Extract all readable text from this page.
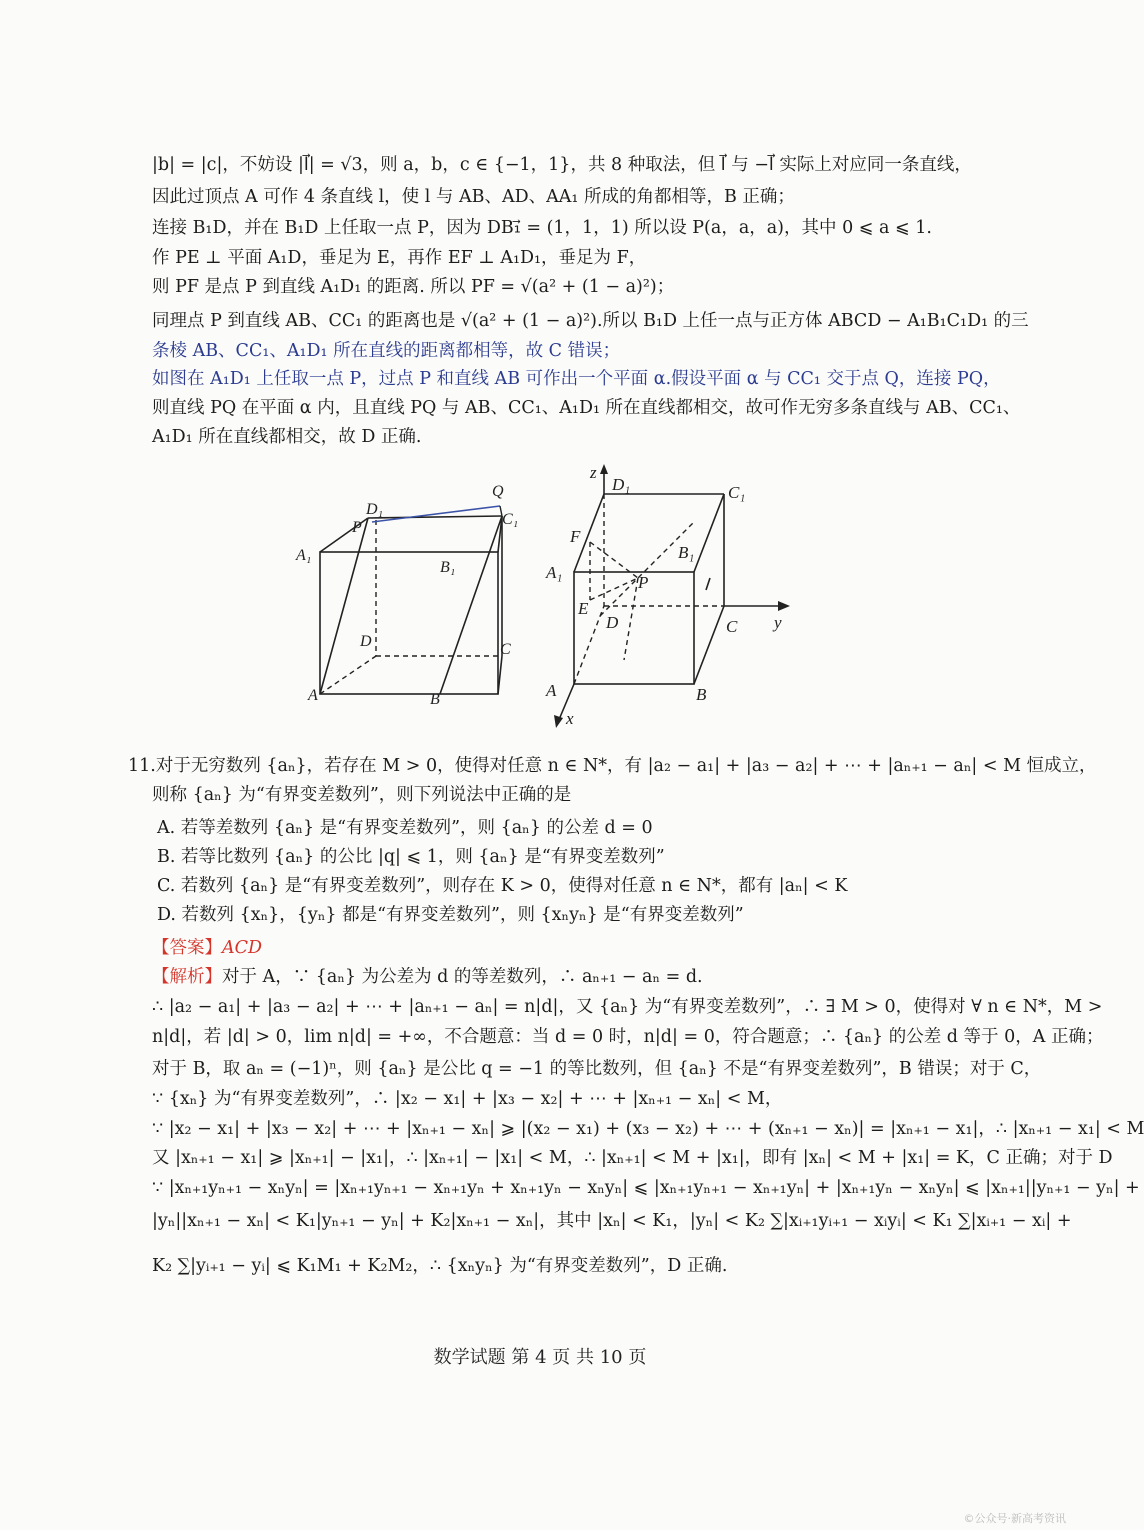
|b| = |c|，不妨设 |l⃗| = √3，则 a，b，c ∈ {−1，1}，共 8 种取法，但 l⃗ 与 −l⃗ 实际上对应同一条直线，
因此过顶点 A 可作 4 条直线 l，使 l 与 AB、AD、AA₁ 所成的角都相等，B 正确；
连接 B₁D，并在 B₁D 上任取一点 P，因为 DB₁⃗ = (1，1，1) 所以设 P(a，a，a)，其中 0 ⩽ a ⩽ 1.
作 PE ⊥ 平面 A₁D，垂足为 E，再作 EF ⊥ A₁D₁，垂足为 F，
则 PF 是点 P 到直线 A₁D₁ 的距离. 所以 PF = √(a² + (1 − a)²)；
同理点 P 到直线 AB、CC₁ 的距离也是 √(a² + (1 − a)²).所以 B₁D 上任一点与正方体 ABCD − A₁B₁C₁D₁ 的三
条棱 AB、CC₁、A₁D₁ 所在直线的距离都相等，故 C 错误；
如图在 A₁D₁ 上任取一点 P，过点 P 和直线 AB 可作出一个平面 α.假设平面 α 与 CC₁ 交于点 Q，连接 PQ，
则直线 PQ 在平面 α 内，且直线 PQ 与 AB、CC₁、A₁D₁ 所在直线都相交，故可作无穷多条直线与 AB、CC₁、
A₁D₁ 所在直线都相交，故 D 正确.
Q
D₁
C₁
P
A₁
B₁
D	C
A	B
z
D₁	C₁
F
B₁
A₁
P
E
D	C y
A	B
x
11.对于无穷数列 {aₙ}，若存在 M > 0，使得对任意 n ∈ N*，有 |a₂ − a₁| + |a₃ − a₂| + ⋯ + |aₙ₊₁ − aₙ| < M 恒成立，
则称 {aₙ} 为“有界变差数列”，则下列说法中正确的是
A. 若等差数列 {aₙ} 是“有界变差数列”，则 {aₙ} 的公差 d = 0
B. 若等比数列 {aₙ} 的公比 |q| ⩽ 1，则 {aₙ} 是“有界变差数列”
C. 若数列 {aₙ} 是“有界变差数列”，则存在 K > 0，使得对任意 n ∈ N*，都有 |aₙ| < K
D. 若数列 {xₙ}，{yₙ} 都是“有界变差数列”，则 {xₙyₙ} 是“有界变差数列”
【答案】ACD
【解析】对于 A，∵ {aₙ} 为公差为 d 的等差数列，∴ aₙ₊₁ − aₙ = d.
∴ |a₂ − a₁| + |a₃ − a₂| + ⋯ + |aₙ₊₁ − aₙ| = n|d|，又 {aₙ} 为“有界变差数列”，∴ ∃ M > 0，使得对 ∀ n ∈ N*，M >
n|d|，若 |d| > 0，lim n|d| = +∞，不合题意：当 d = 0 时，n|d| = 0，符合题意；∴ {aₙ} 的公差 d 等于 0，A 正确；
对于 B，取 aₙ = (−1)ⁿ，则 {aₙ} 是公比 q = −1 的等比数列，但 {aₙ} 不是“有界变差数列”，B 错误；对于 C，
∵ {xₙ} 为“有界变差数列”，∴ |x₂ − x₁| + |x₃ − x₂| + ⋯ + |xₙ₊₁ − xₙ| < M，
∵ |x₂ − x₁| + |x₃ − x₂| + ⋯ + |xₙ₊₁ − xₙ| ⩾ |(x₂ − x₁) + (x₃ − x₂) + ⋯ + (xₙ₊₁ − xₙ)| = |xₙ₊₁ − x₁|，∴ |xₙ₊₁ − x₁| < M
又 |xₙ₊₁ − x₁| ⩾ |xₙ₊₁| − |x₁|，∴ |xₙ₊₁| − |x₁| < M，∴ |xₙ₊₁| < M + |x₁|，即有 |xₙ| < M + |x₁| = K，C 正确；对于 D
∵ |xₙ₊₁yₙ₊₁ − xₙyₙ| = |xₙ₊₁yₙ₊₁ − xₙ₊₁yₙ + xₙ₊₁yₙ − xₙyₙ| ⩽ |xₙ₊₁yₙ₊₁ − xₙ₊₁yₙ| + |xₙ₊₁yₙ − xₙyₙ| ⩽ |xₙ₊₁||yₙ₊₁ − yₙ| +
|yₙ||xₙ₊₁ − xₙ| < K₁|yₙ₊₁ − yₙ| + K₂|xₙ₊₁ − xₙ|，其中 |xₙ| < K₁，|yₙ| < K₂ ∑|xᵢ₊₁yᵢ₊₁ − xᵢyᵢ| < K₁ ∑|xᵢ₊₁ − xᵢ| +
K₂ ∑|yᵢ₊₁ − yᵢ| ⩽ K₁M₁ + K₂M₂，∴ {xₙyₙ} 为“有界变差数列”，D 正确.
数学试题 第 4 页 共 10 页
©公众号·新高考资讯
